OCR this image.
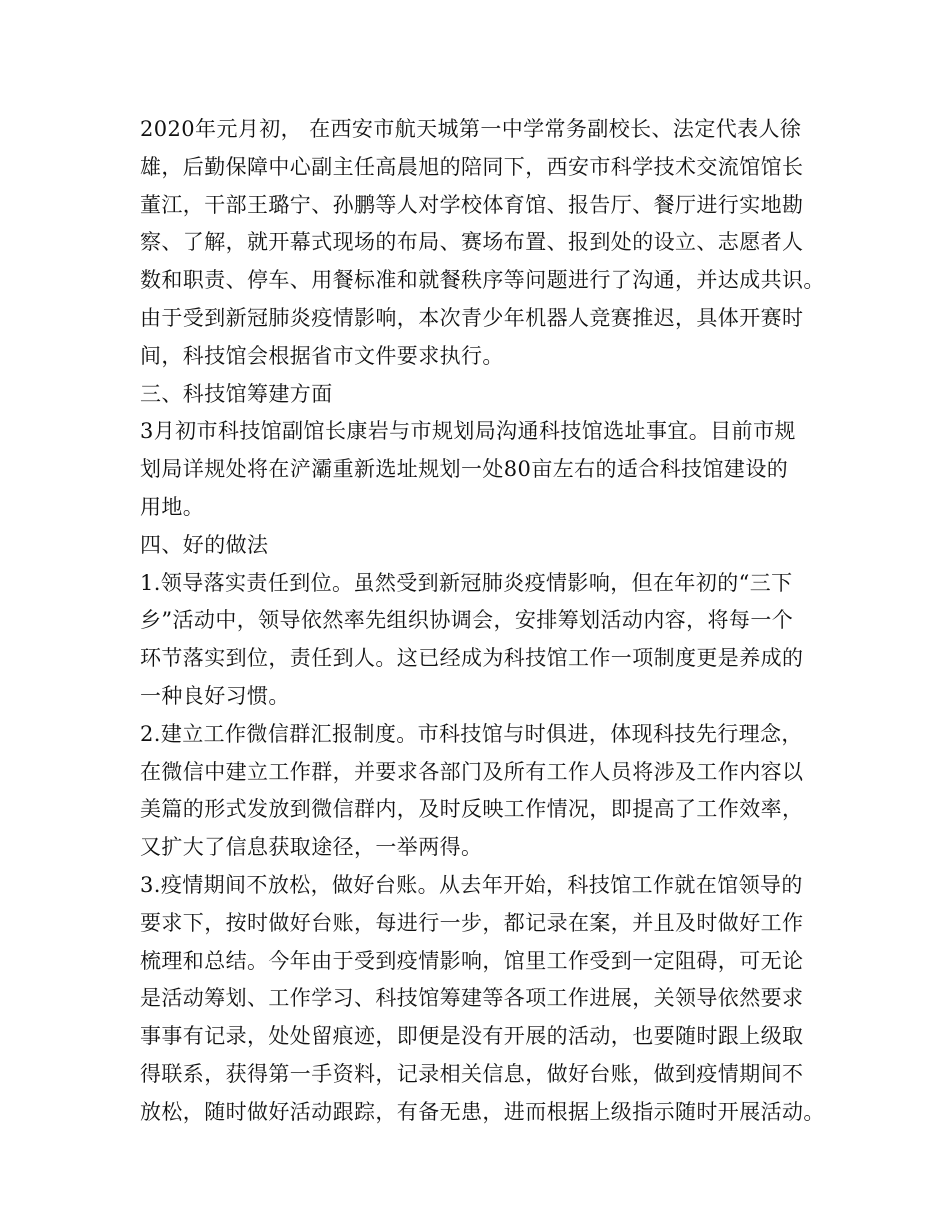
2020年元月初， 在西安市航天城第一中学常务副校长、法定代表人徐
雄，后勤保障中心副主任高晨旭的陪同下，西安市科学技术交流馆馆长
董江，干部王璐宁、孙鹏等人对学校体育馆、报告厅、餐厅进行实地勘
察、了解，就开幕式现场的布局、赛场布置、报到处的设立、志愿者人
数和职责、停车、用餐标准和就餐秩序等问题进行了沟通，并达成共识。
由于受到新冠肺炎疫情影响，本次青少年机器人竞赛推迟，具体开赛时
间，科技馆会根据省市文件要求执行。
三、科技馆筹建方面
3月初市科技馆副馆长康岩与市规划局沟通科技馆选址事宜。目前市规
划局详规处将在浐灞重新选址规划一处80亩左右的适合科技馆建设的
用地。
四、好的做法
1.领导落实责任到位。虽然受到新冠肺炎疫情影响，但在年初的“三下
乡”活动中，领导依然率先组织协调会，安排筹划活动内容，将每一个
环节落实到位，责任到人。这已经成为科技馆工作一项制度更是养成的
一种良好习惯。
2.建立工作微信群汇报制度。市科技馆与时俱进，体现科技先行理念，
在微信中建立工作群，并要求各部门及所有工作人员将涉及工作内容以
美篇的形式发放到微信群内，及时反映工作情况，即提高了工作效率，
又扩大了信息获取途径，一举两得。
3.疫情期间不放松，做好台账。从去年开始，科技馆工作就在馆领导的
要求下，按时做好台账，每进行一步，都记录在案，并且及时做好工作
梳理和总结。今年由于受到疫情影响，馆里工作受到一定阻碍，可无论
是活动筹划、工作学习、科技馆筹建等各项工作进展，关领导依然要求
事事有记录，处处留痕迹，即便是没有开展的活动，也要随时跟上级取
得联系，获得第一手资料，记录相关信息，做好台账，做到疫情期间不
放松，随时做好活动跟踪，有备无患，进而根据上级指示随时开展活动。
